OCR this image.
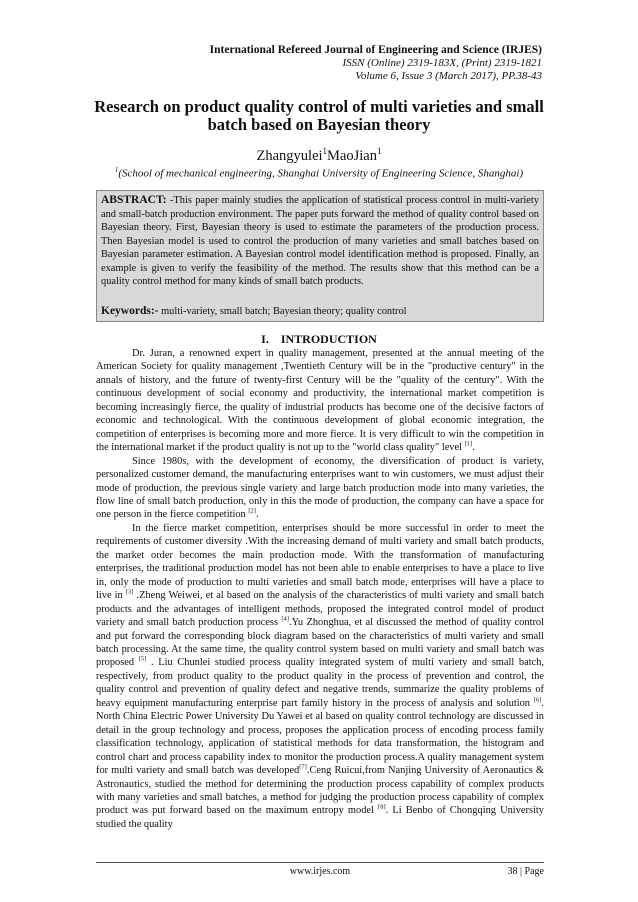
International Refereed Journal of Engineering and Science (IRJES)
ISSN (Online) 2319-183X, (Print) 2319-1821
Volume 6, Issue 3 (March 2017), PP.38-43
Research on product quality control of multi varieties and small batch based on Bayesian theory
Zhangyulei$^1$MaoJian$^1$
$^1$(School of mechanical engineering, Shanghai University of Engineering Science, Shanghai)

ABSTRACT: -This paper mainly studies the application of statistical process control in multi-variety and small-batch production environment. The paper puts forward the method of quality control based on Bayesian theory. First, Bayesian theory is used to estimate the parameters of the production process. Then Bayesian model is used to control the production of many varieties and small batches based on Bayesian parameter estimation. A Bayesian control model identification method is proposed. Finally, an example is given to verify the feasibility of the method. The results show that this method can be a quality control method for many kinds of small batch products.

Keywords:- multi-variety, small batch; Bayesian theory; quality control
I. INTRODUCTION

Dr. Juran, a renowned expert in quality management, presented at the annual meeting of the American Society for quality management ,Twentieth Century will be in the "productive century" in the annals of history, and the future of twenty-first Century will be the "quality of the century". With the continuous development of social economy and productivity, the international market competition is becoming increasingly fierce, the quality of industrial products has become one of the decisive factors of economic and technological. With the continuous development of global economic integration, the competition of enterprises is becoming more and more fierce. It is very difficult to win the competition in the international market if the product quality is not up to the "world class quality" level [1].

Since 1980s, with the development of economy, the diversification of product is variety, personalized customer demand, the manufacturing enterprises want to win customers, we must adjust their mode of production, the previous single variety and large batch production mode into many varieties, the flow line of small batch production, only in this the mode of production, the company can have a space for one person in the fierce competition [2].

In the fierce market competition, enterprises should be more successful in order to meet the requirements of customer diversity .With the increasing demand of multi variety and small batch products, the market order becomes the main production mode. With the transformation of manufacturing enterprises, the traditional production model has not been able to enable enterprises to have a place to live in, only the mode of production to multi varieties and small batch mode, enterprises will have a place to live in [3] .Zheng Weiwei, et al based on the analysis of the characteristics of multi variety and small batch products and the advantages of intelligent methods, proposed the integrated control model of product variety and small batch production process [4].Yu Zhonghua, et al discussed the method of quality control and put forward the corresponding block diagram based on the characteristics of multi variety and small batch processing. At the same time, the quality control system based on multi variety and small batch was proposed [5] . Liu Chunlei studied process quality integrated system of multi variety and small batch, respectively, from product quality to the product quality in the process of prevention and control, the quality control and prevention of quality defect and negative trends, summarize the quality problems of heavy equipment manufacturing enterprise part family history in the process of analysis and solution [6]. North China Electric Power University Du Yawei et al based on quality control technology are discussed in detail in the group technology and process, proposes the application process of encoding process family classification technology, application of statistical methods for data transformation, the histogram and control chart and process capability index to monitor the production process.A quality management system for multi variety and small batch was developed[7].Ceng Ruicui,from Nanjing University of Aeronautics & Astronautics, studied the method for determining the production process capability of complex products with many varieties and small batches, a method for judging the production process capability of complex product was put forward based on the maximum entropy model [8]. Li Benbo of Chongqing University studied the quality

www.irjes.com	38 | Page
